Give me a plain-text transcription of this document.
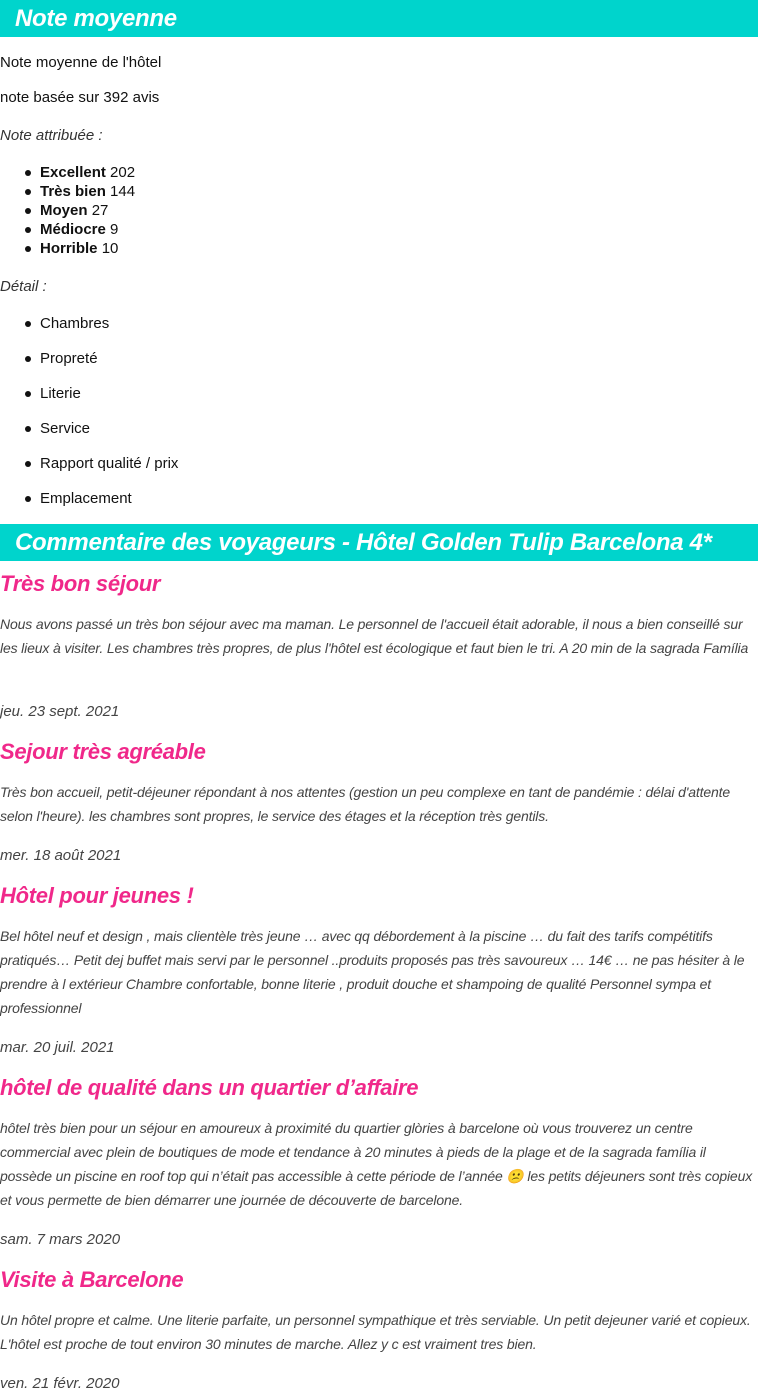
Note moyenne

Note moyenne de l'hôtel

note basée sur 392 avis

Note attribuée :

Excellent 202
Très bien 144
Moyen 27
Médiocre 9
Horrible 10

Détail :

Chambres
Propreté
Literie
Service
Rapport qualité / prix
Emplacement
Commentaire des voyageurs - Hôtel Golden Tulip Barcelona 4*
Très bon séjour

Nous avons passé un très bon séjour avec ma maman. Le personnel de l'accueil était adorable, il nous a bien conseillé sur les lieux à visiter. Les chambres très propres, de plus l'hôtel est écologique et faut bien le tri. A 20 min de la sagrada Família

jeu. 23 sept. 2021

Sejour très agréable

Très bon accueil, petit-déjeuner répondant à nos attentes (gestion un peu complexe en tant de pandémie : délai d'attente selon l'heure). les chambres sont propres, le service des étages et la réception très gentils.

mer. 18 août 2021

Hôtel pour jeunes !

Bel hôtel neuf et design , mais clientèle très jeune … avec qq débordement à la piscine … du fait des tarifs compétitifs pratiqués… Petit dej buffet mais servi par le personnel ..produits proposés pas très savoureux … 14€ … ne pas hésiter à le prendre à l extérieur Chambre confortable, bonne literie , produit douche et shampoing de qualité Personnel sympa et professionnel

mar. 20 juil. 2021

hôtel de qualité dans un quartier d’affaire

hôtel très bien pour un séjour en amoureux à proximité du quartier glòries à barcelone où vous trouverez un centre commercial avec plein de boutiques de mode et tendance à 20 minutes à pieds de la plage et de la sagrada família il possède un piscine en roof top qui n’était pas accessible à cette période de l’année 😕 les petits déjeuners sont très copieux et vous permette de bien démarrer une journée de découverte de barcelone.

sam. 7 mars 2020

Visite à Barcelone

Un hôtel propre et calme. Une literie parfaite, un personnel sympathique et très serviable. Un petit dejeuner varié et copieux. L'hôtel est proche de tout environ 30 minutes de marche. Allez y c est vraiment tres bien.

ven. 21 févr. 2020
